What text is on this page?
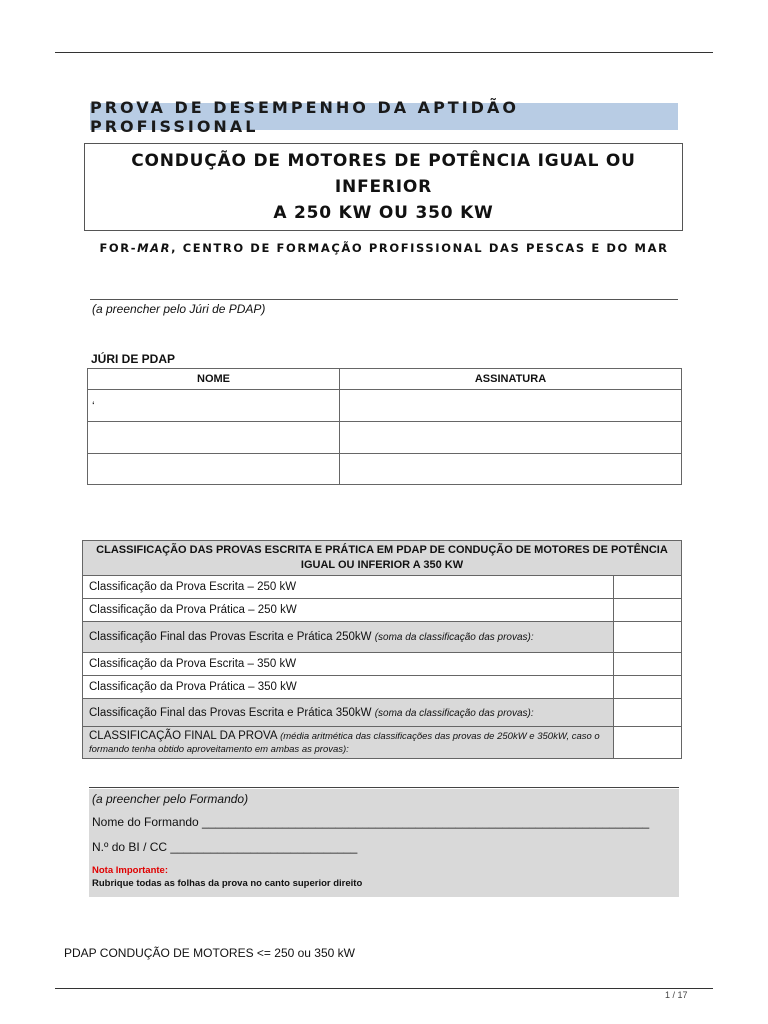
PROVA DE DESEMPENHO DA APTIDÃO PROFISSIONAL
CONDUÇÃO DE MOTORES DE POTÊNCIA IGUAL OU INFERIOR
A 250 KW OU 350 KW
FOR-MAR, CENTRO DE FORMAÇÃO PROFISSIONAL DAS PESCAS E DO MAR
(a preencher pelo Júri de PDAP)
JÚRI DE PDAP
NOME	ASSINATURA
‘	

CLASSIFICAÇÃO DAS PROVAS ESCRITA E PRÁTICA EM PDAP DE CONDUÇÃO DE MOTORES DE POTÊNCIA IGUAL OU INFERIOR A 350 KW	
Classificação da Prova Escrita – 250 kW	
Classificação da Prova Prática – 250 kW	
Classificação Final das Provas Escrita e Prática 250kW (soma da classificação das provas):	
Classificação da Prova Escrita – 350 kW	
Classificação da Prova Prática – 350 kW	
Classificação Final das Provas Escrita e Prática 350kW (soma da classificação das provas):	
CLASSIFICAÇÃO FINAL DA PROVA (média aritmética das classificações das provas de 250kW e 350kW, caso o formando tenha obtido aproveitamento em ambas as provas):	
(a preencher pelo Formando)
Nome do Formando ___________________________________________________________________
N.º do BI / CC ____________________________
Nota Importante:
Rubrique todas as folhas da prova no canto superior direito
PDAP CONDUÇÃO DE MOTORES <= 250 ou 350 kW
1 / 17
